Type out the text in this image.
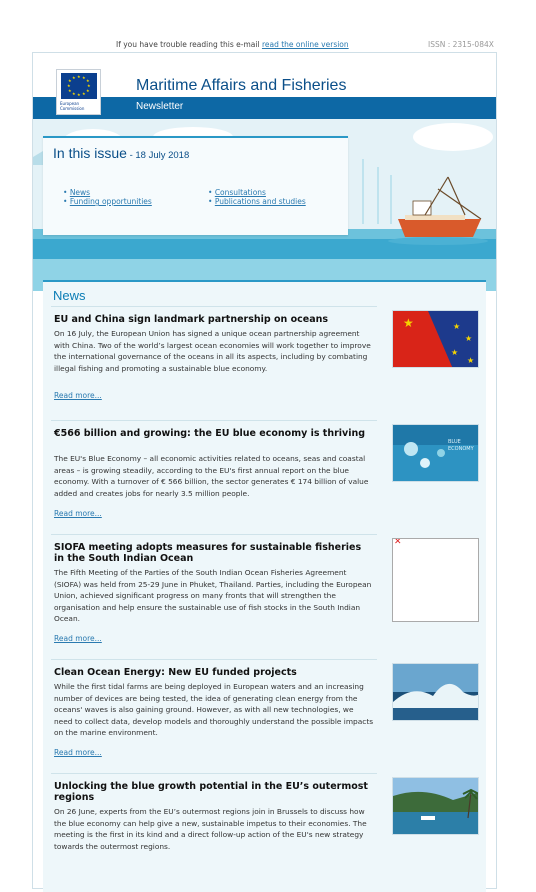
If you have trouble reading this e-mail read the online version	ISSN : 2315-084X
Newsletter
★ ★
★
★
★
★
★
★
★
★
★
★
European
Commission
Maritime Affairs and Fisheries
In this issue - 18 July 2018
• News
• Funding opportunities
• Consultations
• Publications and studies
News
EU and China sign landmark partnership on oceans

On 16 July, the European Union has signed a unique ocean partnership agreement with China. Two of the world’s largest ocean economies will work together to improve the international governance of the oceans in all its aspects, including by combating illegal fishing and promoting a sustainable blue economy.

Read more...
★	★
★
★
★
€566 billion and growing: the EU blue economy is thriving

The EU's Blue Economy – all economic activities related to oceans, seas and coastal areas – is growing steadily, according to the EU's first annual report on the blue economy. With a turnover of € 566 billion, the sector generates € 174 billion of value added and creates jobs for nearly 3.5 million people.

Read more...
BLUE
ECONOMY
SIOFA meeting adopts measures for sustainable fisheries in the South Indian Ocean

The Fifth Meeting of the Parties of the South Indian Ocean Fisheries Agreement (SIOFA) was held from 25-29 June in Phuket, Thailand. Parties, including the European Union, achieved significant progress on many fronts that will strengthen the organisation and help ensure the sustainable use of fish stocks in the South Indian Ocean.

Read more...
✕
Clean Ocean Energy: New EU funded projects

While the first tidal farms are being deployed in European waters and an increasing number of devices are being tested, the idea of generating clean energy from the oceans' waves is also gaining ground. However, as with all new technologies, we need to collect data, develop models and thoroughly understand the possible impacts on the marine environment.

Read more...
Unlocking the blue growth potential in the EU’s outermost regions

On 26 June, experts from the EU’s outermost regions join in Brussels to discuss how the blue economy can help give a new, sustainable impetus to their economies. The meeting is the first in its kind and a direct follow-up action of the EU's new strategy towards the outermost regions.
